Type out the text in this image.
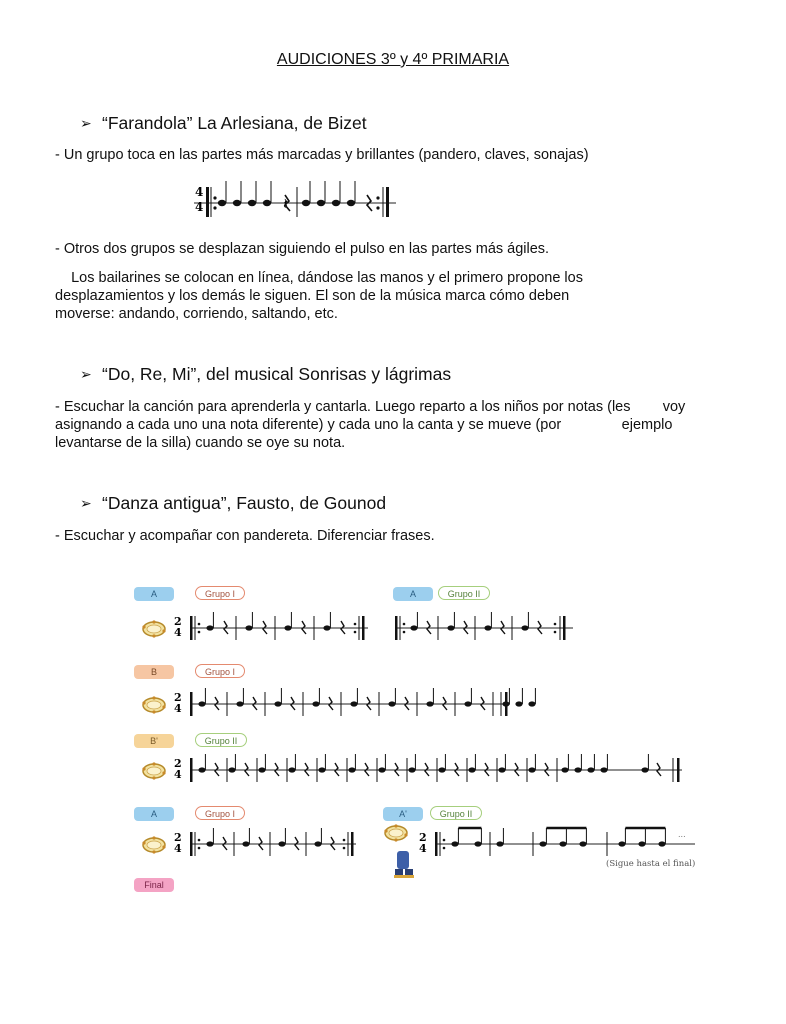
AUDICIONES 3º y 4º PRIMARIA
➢ “Farandola” La Arlesiana, de Bizet
- Un grupo toca en las partes más marcadas y brillantes (pandero, claves, sonajas)
4
4	𝄽
- Otros dos grupos se desplazan siguiendo el pulso en las partes más ágiles.
Los bailarines se colocan en línea, dándose las manos y el primero propone los
desplazamientos y los demás le siguen. El son de la música marca cómo deben
moverse: andando, corriendo, saltando, etc.
➢ “Do, Re, Mi”, del musical Sonrisas y lágrimas
- Escuchar la canción para aprenderla y cantarla. Luego reparto a los niños por notas (les        voy
asignando a cada uno una nota diferente) y cada uno la canta y se mueve (por               ejemplo
levantarse de la silla) cuando se oye su nota.
➢ “Danza antigua”, Fausto, de Gounod
- Escuchar y acompañar con pandereta. Diferenciar frases.
A	Grupo I	A	Grupo II
B	Grupo I
B'	Grupo II
A	Grupo I	A'	Grupo II
Final
2
4
...
(Sigue hasta el final)
